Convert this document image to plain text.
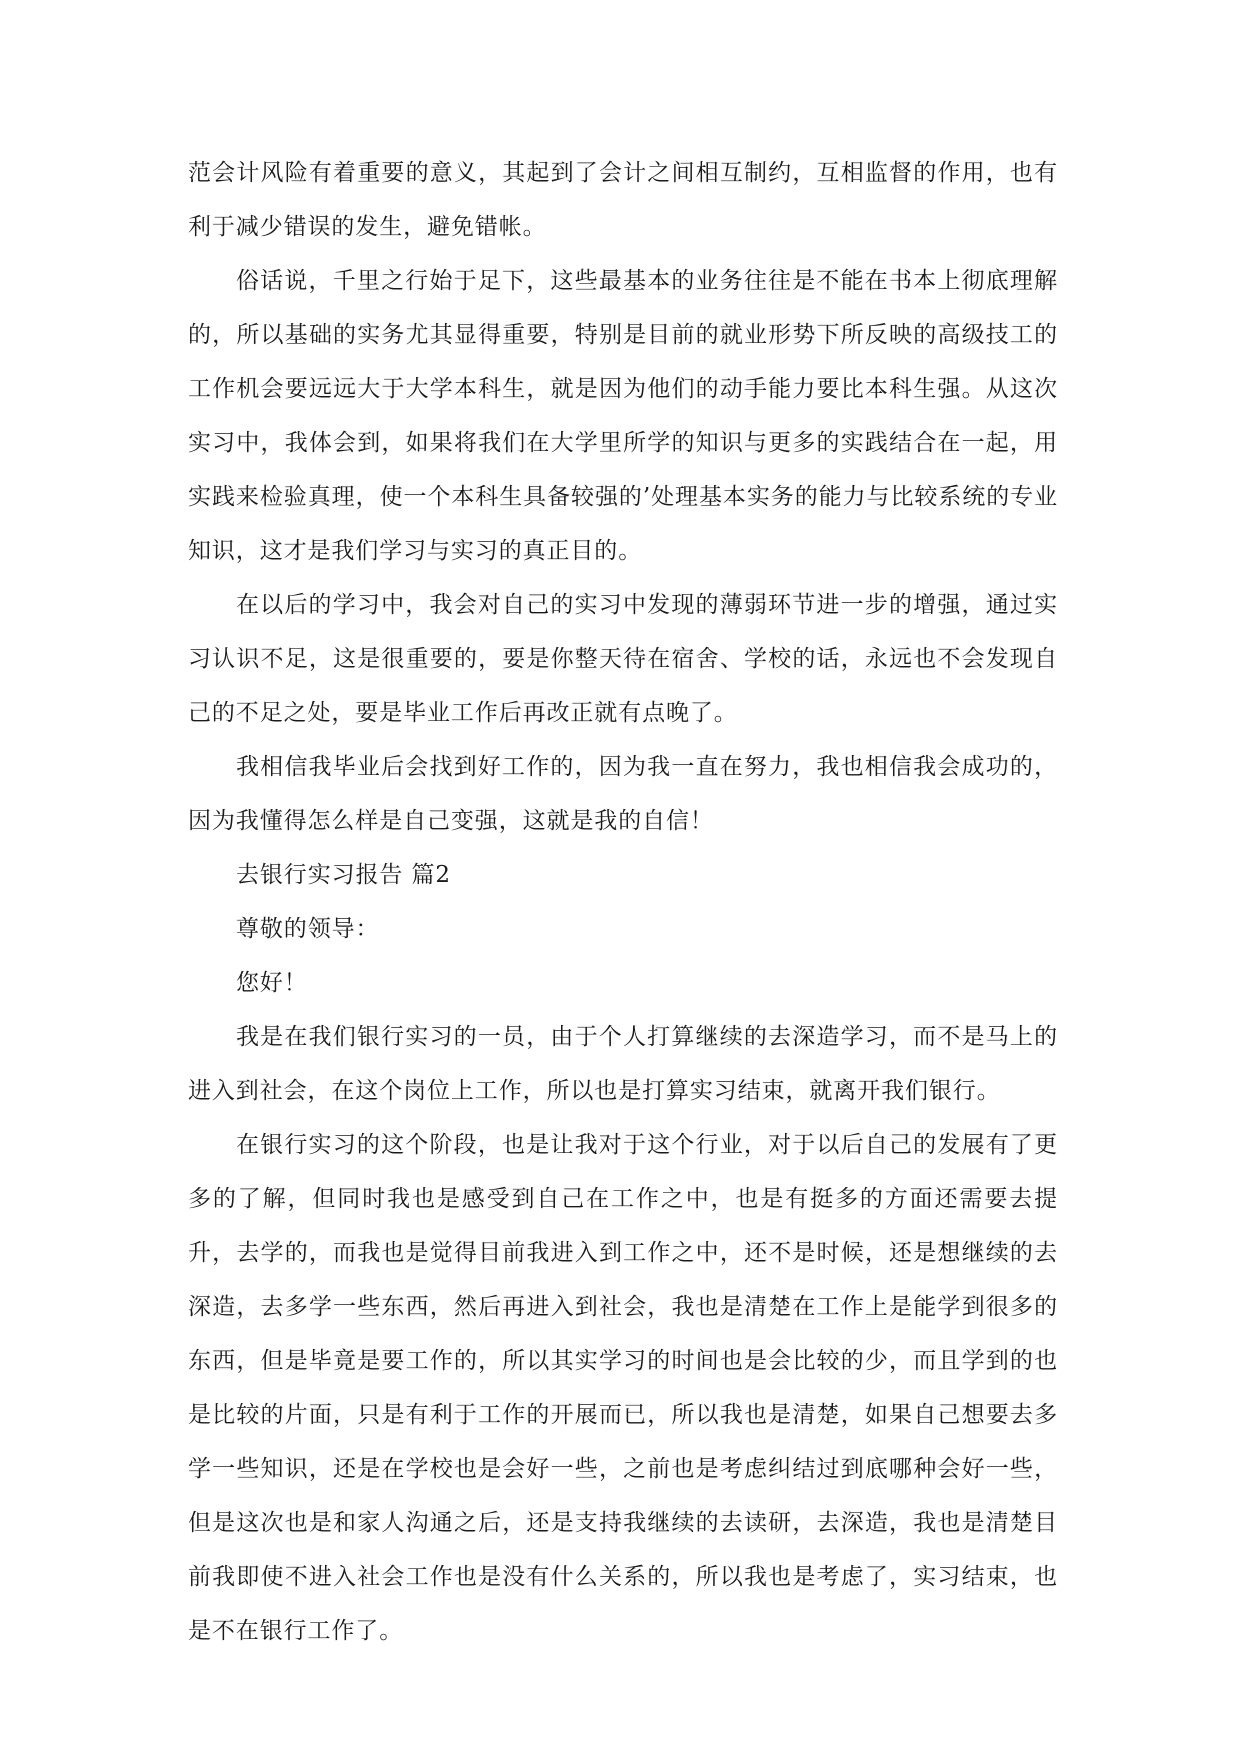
范会计风险有着重要的意义，其起到了会计之间相互制约，互相监督的作用，也有利于减少错误的发生，避免错帐。

俗话说，千里之行始于足下，这些最基本的业务往往是不能在书本上彻底理解的，所以基础的实务尤其显得重要，特别是目前的就业形势下所反映的高级技工的工作机会要远远大于大学本科生，就是因为他们的动手能力要比本科生强。从这次实习中，我体会到，如果将我们在大学里所学的知识与更多的实践结合在一起，用实践来检验真理，使一个本科生具备较强的’处理基本实务的能力与比较系统的专业知识，这才是我们学习与实习的真正目的。

在以后的学习中，我会对自己的实习中发现的薄弱环节进一步的增强，通过实习认识不足，这是很重要的，要是你整天待在宿舍、学校的话，永远也不会发现自己的不足之处，要是毕业工作后再改正就有点晚了。

我相信我毕业后会找到好工作的，因为我一直在努力，我也相信我会成功的，因为我懂得怎么样是自己变强，这就是我的自信！

去银行实习报告 篇2

尊敬的领导：

您好！

我是在我们银行实习的一员，由于个人打算继续的去深造学习，而不是马上的进入到社会，在这个岗位上工作，所以也是打算实习结束，就离开我们银行。

在银行实习的这个阶段，也是让我对于这个行业，对于以后自己的发展有了更多的了解，但同时我也是感受到自己在工作之中，也是有挺多的方面还需要去提升，去学的，而我也是觉得目前我进入到工作之中，还不是时候，还是想继续的去深造，去多学一些东西，然后再进入到社会，我也是清楚在工作上是能学到很多的东西，但是毕竟是要工作的，所以其实学习的时间也是会比较的少，而且学到的也是比较的片面，只是有利于工作的开展而已，所以我也是清楚，如果自己想要去多学一些知识，还是在学校也是会好一些，之前也是考虑纠结过到底哪种会好一些，但是这次也是和家人沟通之后，还是支持我继续的去读研，去深造，我也是清楚目前我即使不进入社会工作也是没有什么关系的，所以我也是考虑了，实习结束，也是不在银行工作了。
